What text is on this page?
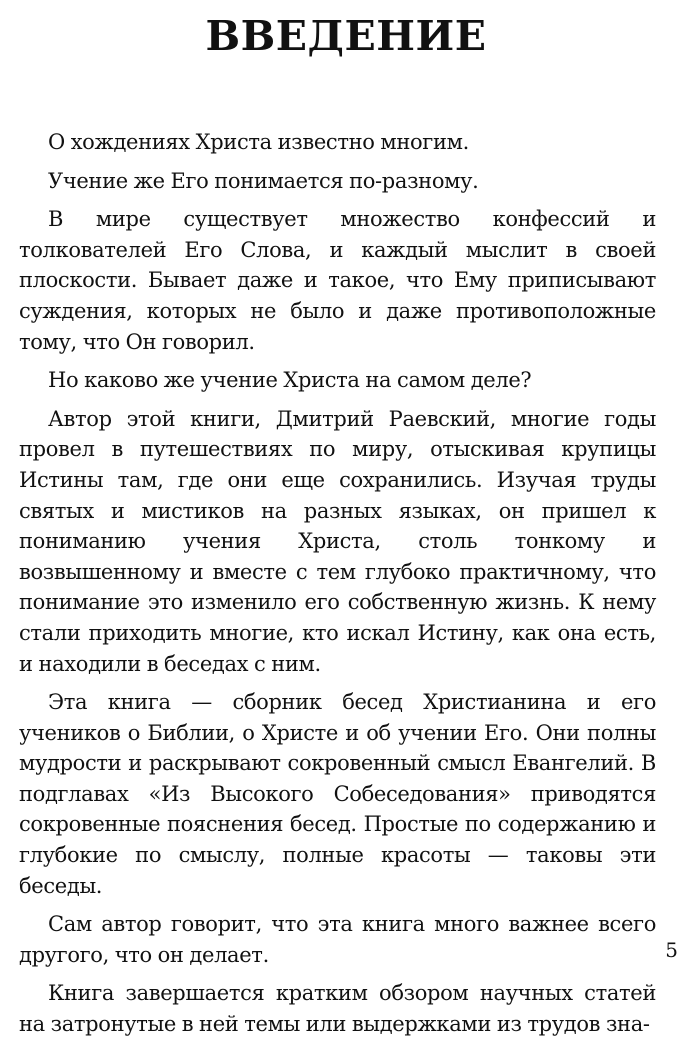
ВВЕДЕНИЕ

О хождениях Христа известно многим.

Учение же Его понимается по-разному.

В мире существует множество конфессий и толкователей Его Слова, и каждый мыслит в своей плоскости. Бывает даже и такое, что Ему приписывают суждения, которых не было и даже противоположные тому, что Он говорил.

Но каково же учение Христа на самом деле?

Автор этой книги, Дмитрий Раевский, многие годы провел в путешествиях по миру, отыскивая крупицы Истины там, где они еще сохранились. Изучая труды святых и мистиков на разных языках, он пришел к пониманию учения Христа, столь тонкому и возвышенному и вместе с тем глубоко практичному, что понимание это изменило его собственную жизнь. К нему стали приходить многие, кто искал Истину, как она есть, и находили в беседах с ним.

Эта книга — сборник бесед Христианина и его учеников о Библии, о Христе и об учении Его. Они полны мудрости и раскрывают сокровенный смысл Евангелий. В подглавах «Из Высокого Собеседования» приводятся сокровенные пояснения бесед. Простые по содержанию и глубокие по смыслу, полные красоты — таковы эти беседы.

Сам автор говорит, что эта книга много важнее всего другого, что он делает.

Книга завершается кратким обзором научных статей на затронутые в ней темы или выдержками из трудов зна-

5
